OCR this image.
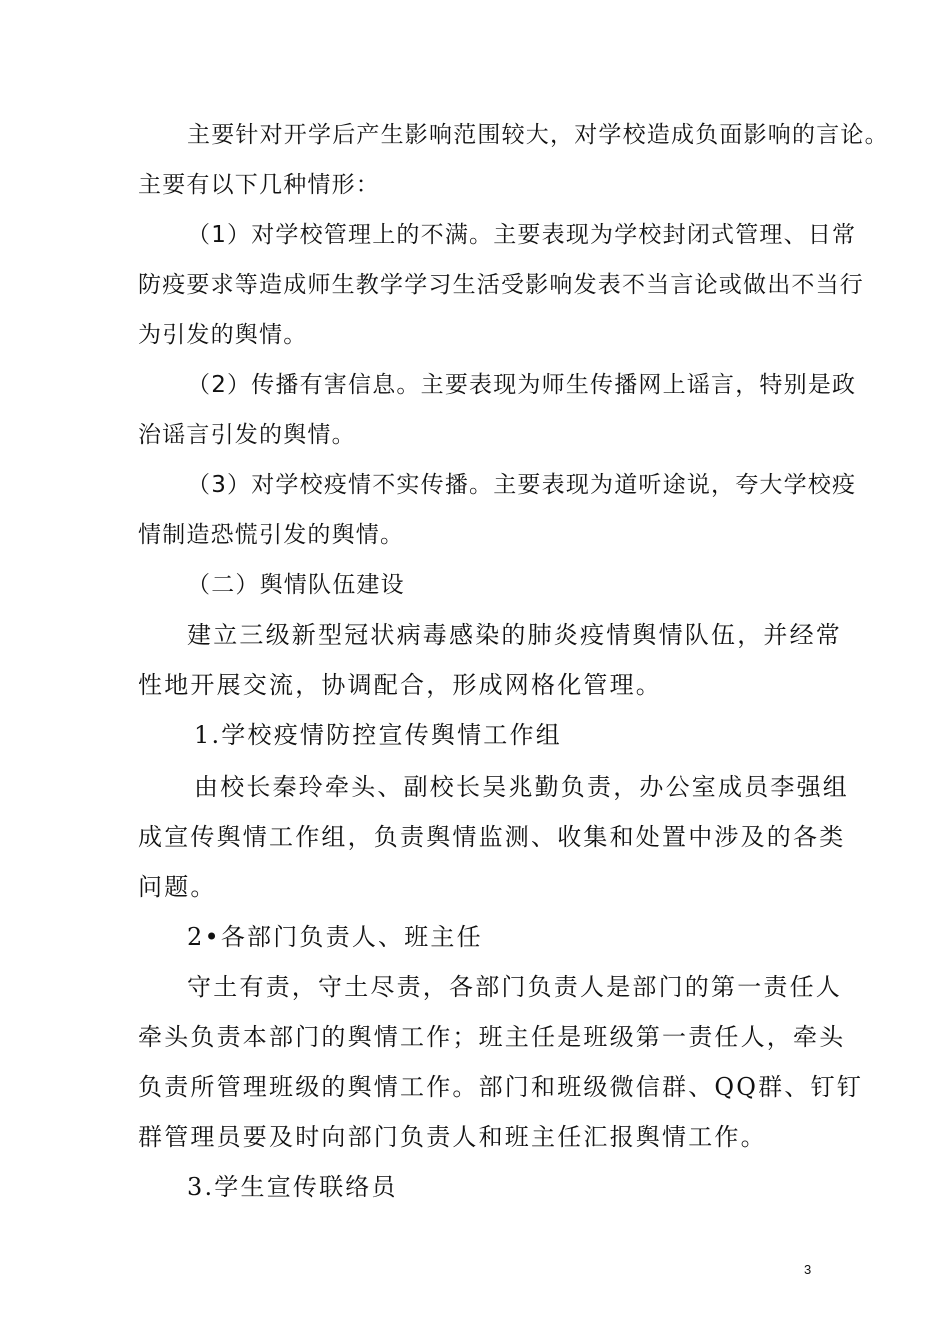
主要针对开学后产生影响范围较大，对学校造成负面影响的言论。
主要有以下几种情形：
（1）对学校管理上的不满。主要表现为学校封闭式管理、日常
防疫要求等造成师生教学学习生活受影响发表不当言论或做出不当行
为引发的舆情。
（2）传播有害信息。主要表现为师生传播网上谣言，特别是政
治谣言引发的舆情。
（3）对学校疫情不实传播。主要表现为道听途说，夸大学校疫
情制造恐慌引发的舆情。
（二）舆情队伍建设
建立三级新型冠状病毒感染的肺炎疫情舆情队伍，并经常
性地开展交流，协调配合，形成网格化管理。
1.学校疫情防控宣传舆情工作组
由校长秦玲牵头、副校长吴兆勤负责，办公室成员李强组
成宣传舆情工作组，负责舆情监测、收集和处置中涉及的各类
问题。
2•各部门负责人、班主任
守土有责，守土尽责，各部门负责人是部门的第一责任人
牵头负责本部门的舆情工作；班主任是班级第一责任人，牵头
负责所管理班级的舆情工作。部门和班级微信群、QQ群、钉钉
群管理员要及时向部门负责人和班主任汇报舆情工作。
3.学生宣传联络员
3
